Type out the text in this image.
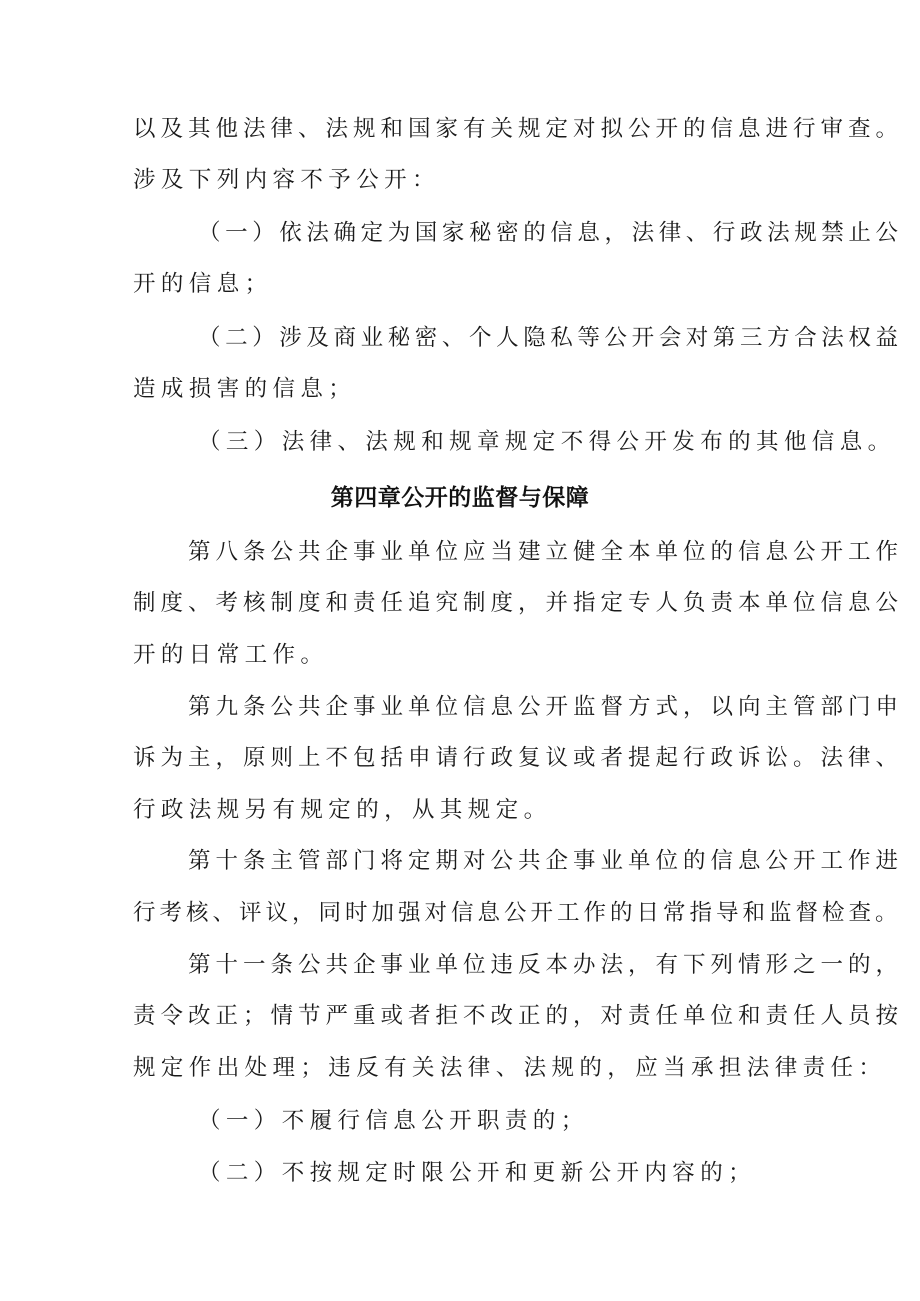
以及其他法律、法规和国家有关规定对拟公开的信息进行审查。
涉及下列内容不予公开：
（一）依法确定为国家秘密的信息，法律、行政法规禁止公
开的信息；
（二）涉及商业秘密、个人隐私等公开会对第三方合法权益
造成损害的信息；
（三）法律、法规和规章规定不得公开发布的其他信息。
第四章公开的监督与保障
第八条公共企事业单位应当建立健全本单位的信息公开工作
制度、考核制度和责任追究制度，并指定专人负责本单位信息公
开的日常工作。
第九条公共企事业单位信息公开监督方式，以向主管部门申
诉为主，原则上不包括申请行政复议或者提起行政诉讼。法律、
行政法规另有规定的，从其规定。
第十条主管部门将定期对公共企事业单位的信息公开工作进
行考核、评议，同时加强对信息公开工作的日常指导和监督检查。
第十一条公共企事业单位违反本办法，有下列情形之一的，
责令改正；情节严重或者拒不改正的，对责任单位和责任人员按
规定作出处理；违反有关法律、法规的，应当承担法律责任：
（一）不履行信息公开职责的；
（二）不按规定时限公开和更新公开内容的；
